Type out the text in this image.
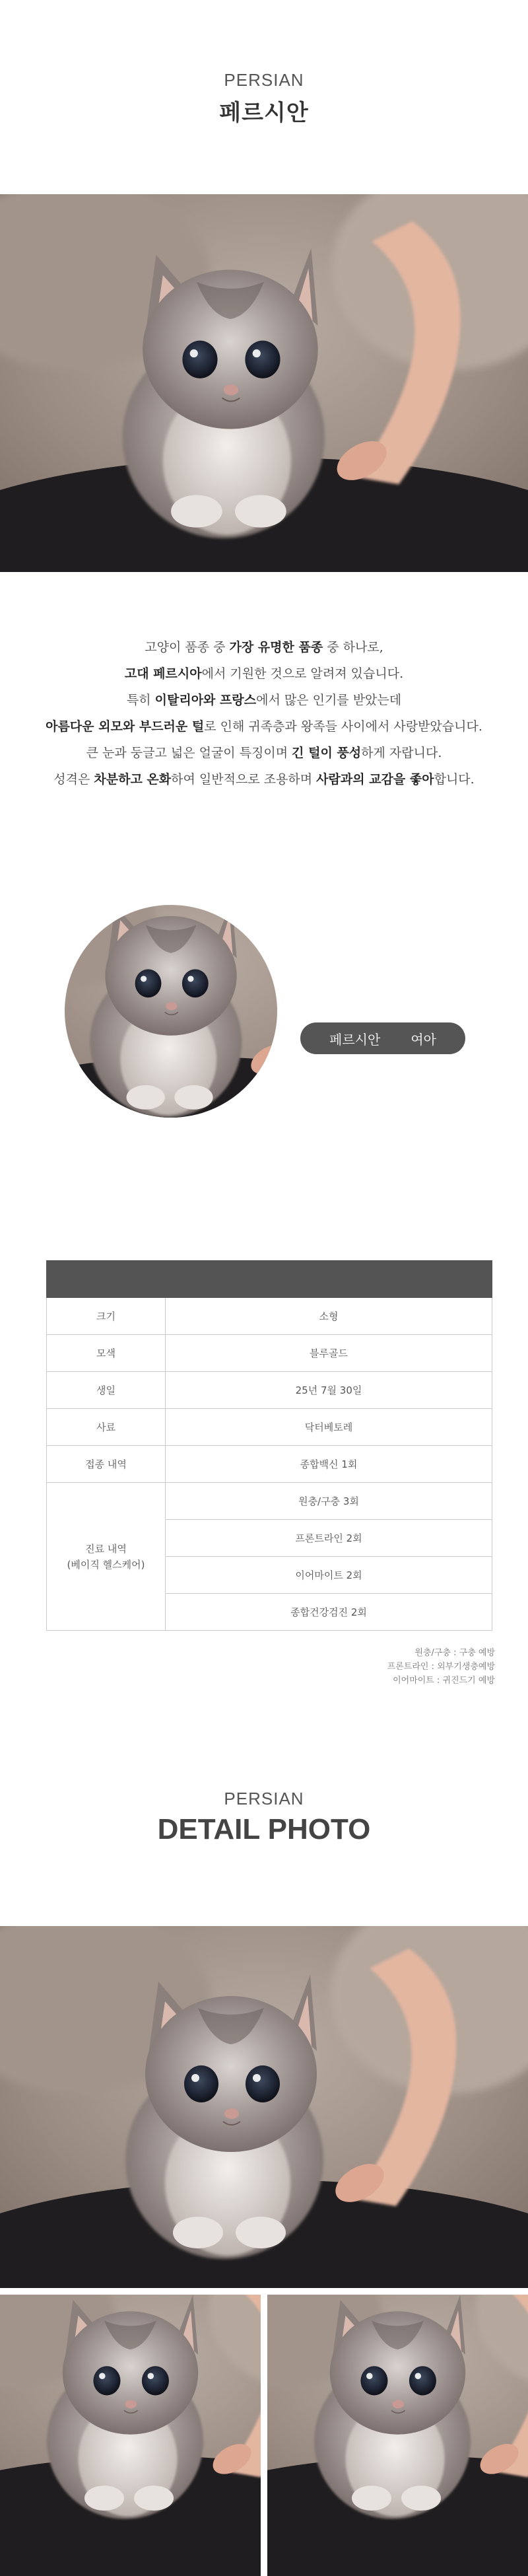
PERSIAN
페르시안
고양이 품종 중 가장 유명한 품종 중 하나로,
고대 페르시아에서 기원한 것으로 알려져 있습니다.
특히 이탈리아와 프랑스에서 많은 인기를 받았는데
아름다운 외모와 부드러운 털로 인해 귀족층과 왕족들 사이에서 사랑받았습니다.
큰 눈과 둥글고 넓은 얼굴이 특징이며 긴 털이 풍성하게 자랍니다.
성격은 차분하고 온화하여 일반적으로 조용하며 사람과의 교감을 좋아합니다.
페르시안 여아

크기	소형
모색	블루골드
생일	25년 7월 30일
사료	닥터베토레
접종 내역	종합백신 1회

진료 내역
(베이직 헬스케어)	원충/구충 3회
	프론트라인 2회
	이어마이트 2회
	종합건강검진 2회
원충/구충 : 구충 예방
프론트라인 : 외부기생충예방
이어마이트 : 귀진드기 예방
PERSIAN
DETAIL PHOTO
